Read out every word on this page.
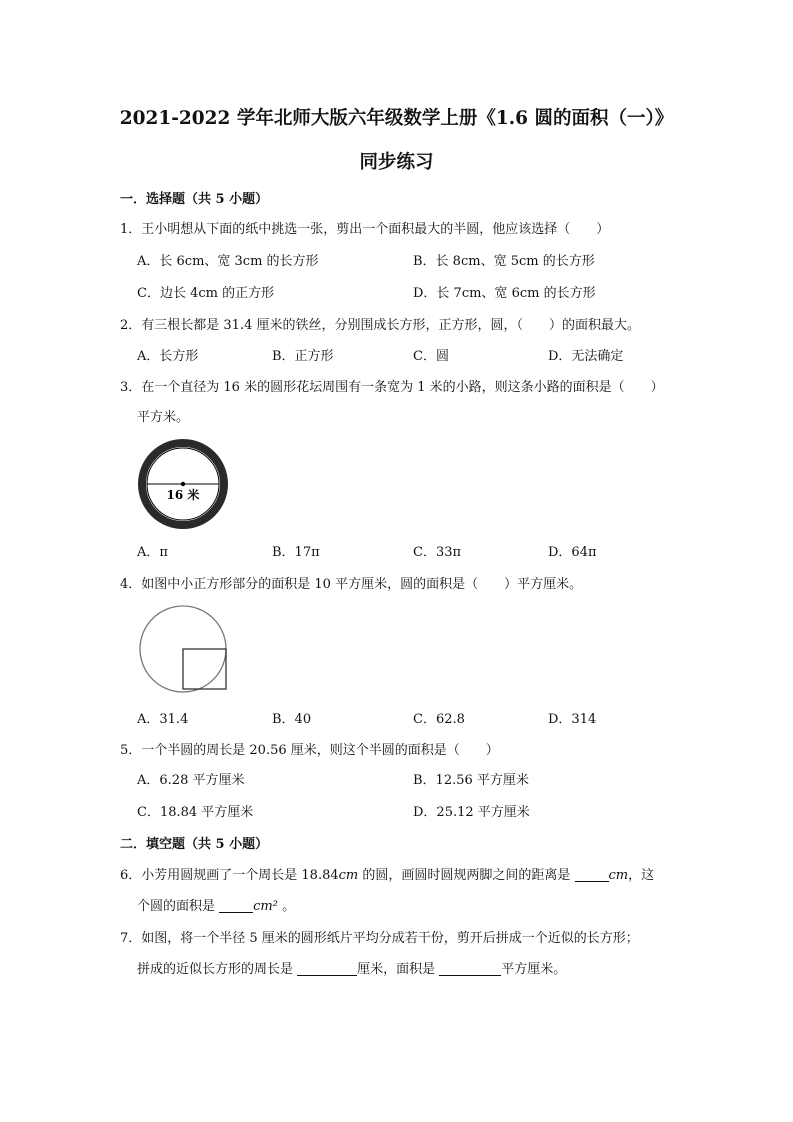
2021-2022 学年北师大版六年级数学上册《1.6 圆的面积（一）》
同步练习
一．选择题（共 5 小题）
1．王小明想从下面的纸中挑选一张，剪出一个面积最大的半圆，他应该选择（　　）
A．长 6cm、宽 3cm 的长方形	B．长 8cm、宽 5cm 的长方形
C．边长 4cm 的正方形	D．长 7cm、宽 6cm 的长方形
2．有三根长都是 31.4 厘米的铁丝，分别围成长方形，正方形，圆，（　　）的面积最大。
A．长方形	B．正方形	C．圆	D．无法确定
3．在一个直径为 16 米的圆形花坛周围有一条宽为 1 米的小路，则这条小路的面积是（　　）
平方米。
16 米
A．π	B．17π	C．33π	D．64π
4．如图中小正方形部分的面积是 10 平方厘米，圆的面积是（　　）平方厘米。
A．31.4	B．40	C．62.8	D．314
5．一个半圆的周长是 20.56 厘米，则这个半圆的面积是（　　）
A．6.28 平方厘米	B．12.56 平方厘米
C．18.84 平方厘米	D．25.12 平方厘米
二．填空题（共 5 小题）
6．小芳用圆规画了一个周长是 18.84cm 的圆，画圆时圆规两脚之间的距离是	cm，这
个圆的面积是	cm² 。
7．如图，将一个半径 5 厘米的圆形纸片平均分成若干份，剪开后拼成一个近似的长方形；
拼成的近似长方形的周长是	厘米，面积是	平方厘米。
